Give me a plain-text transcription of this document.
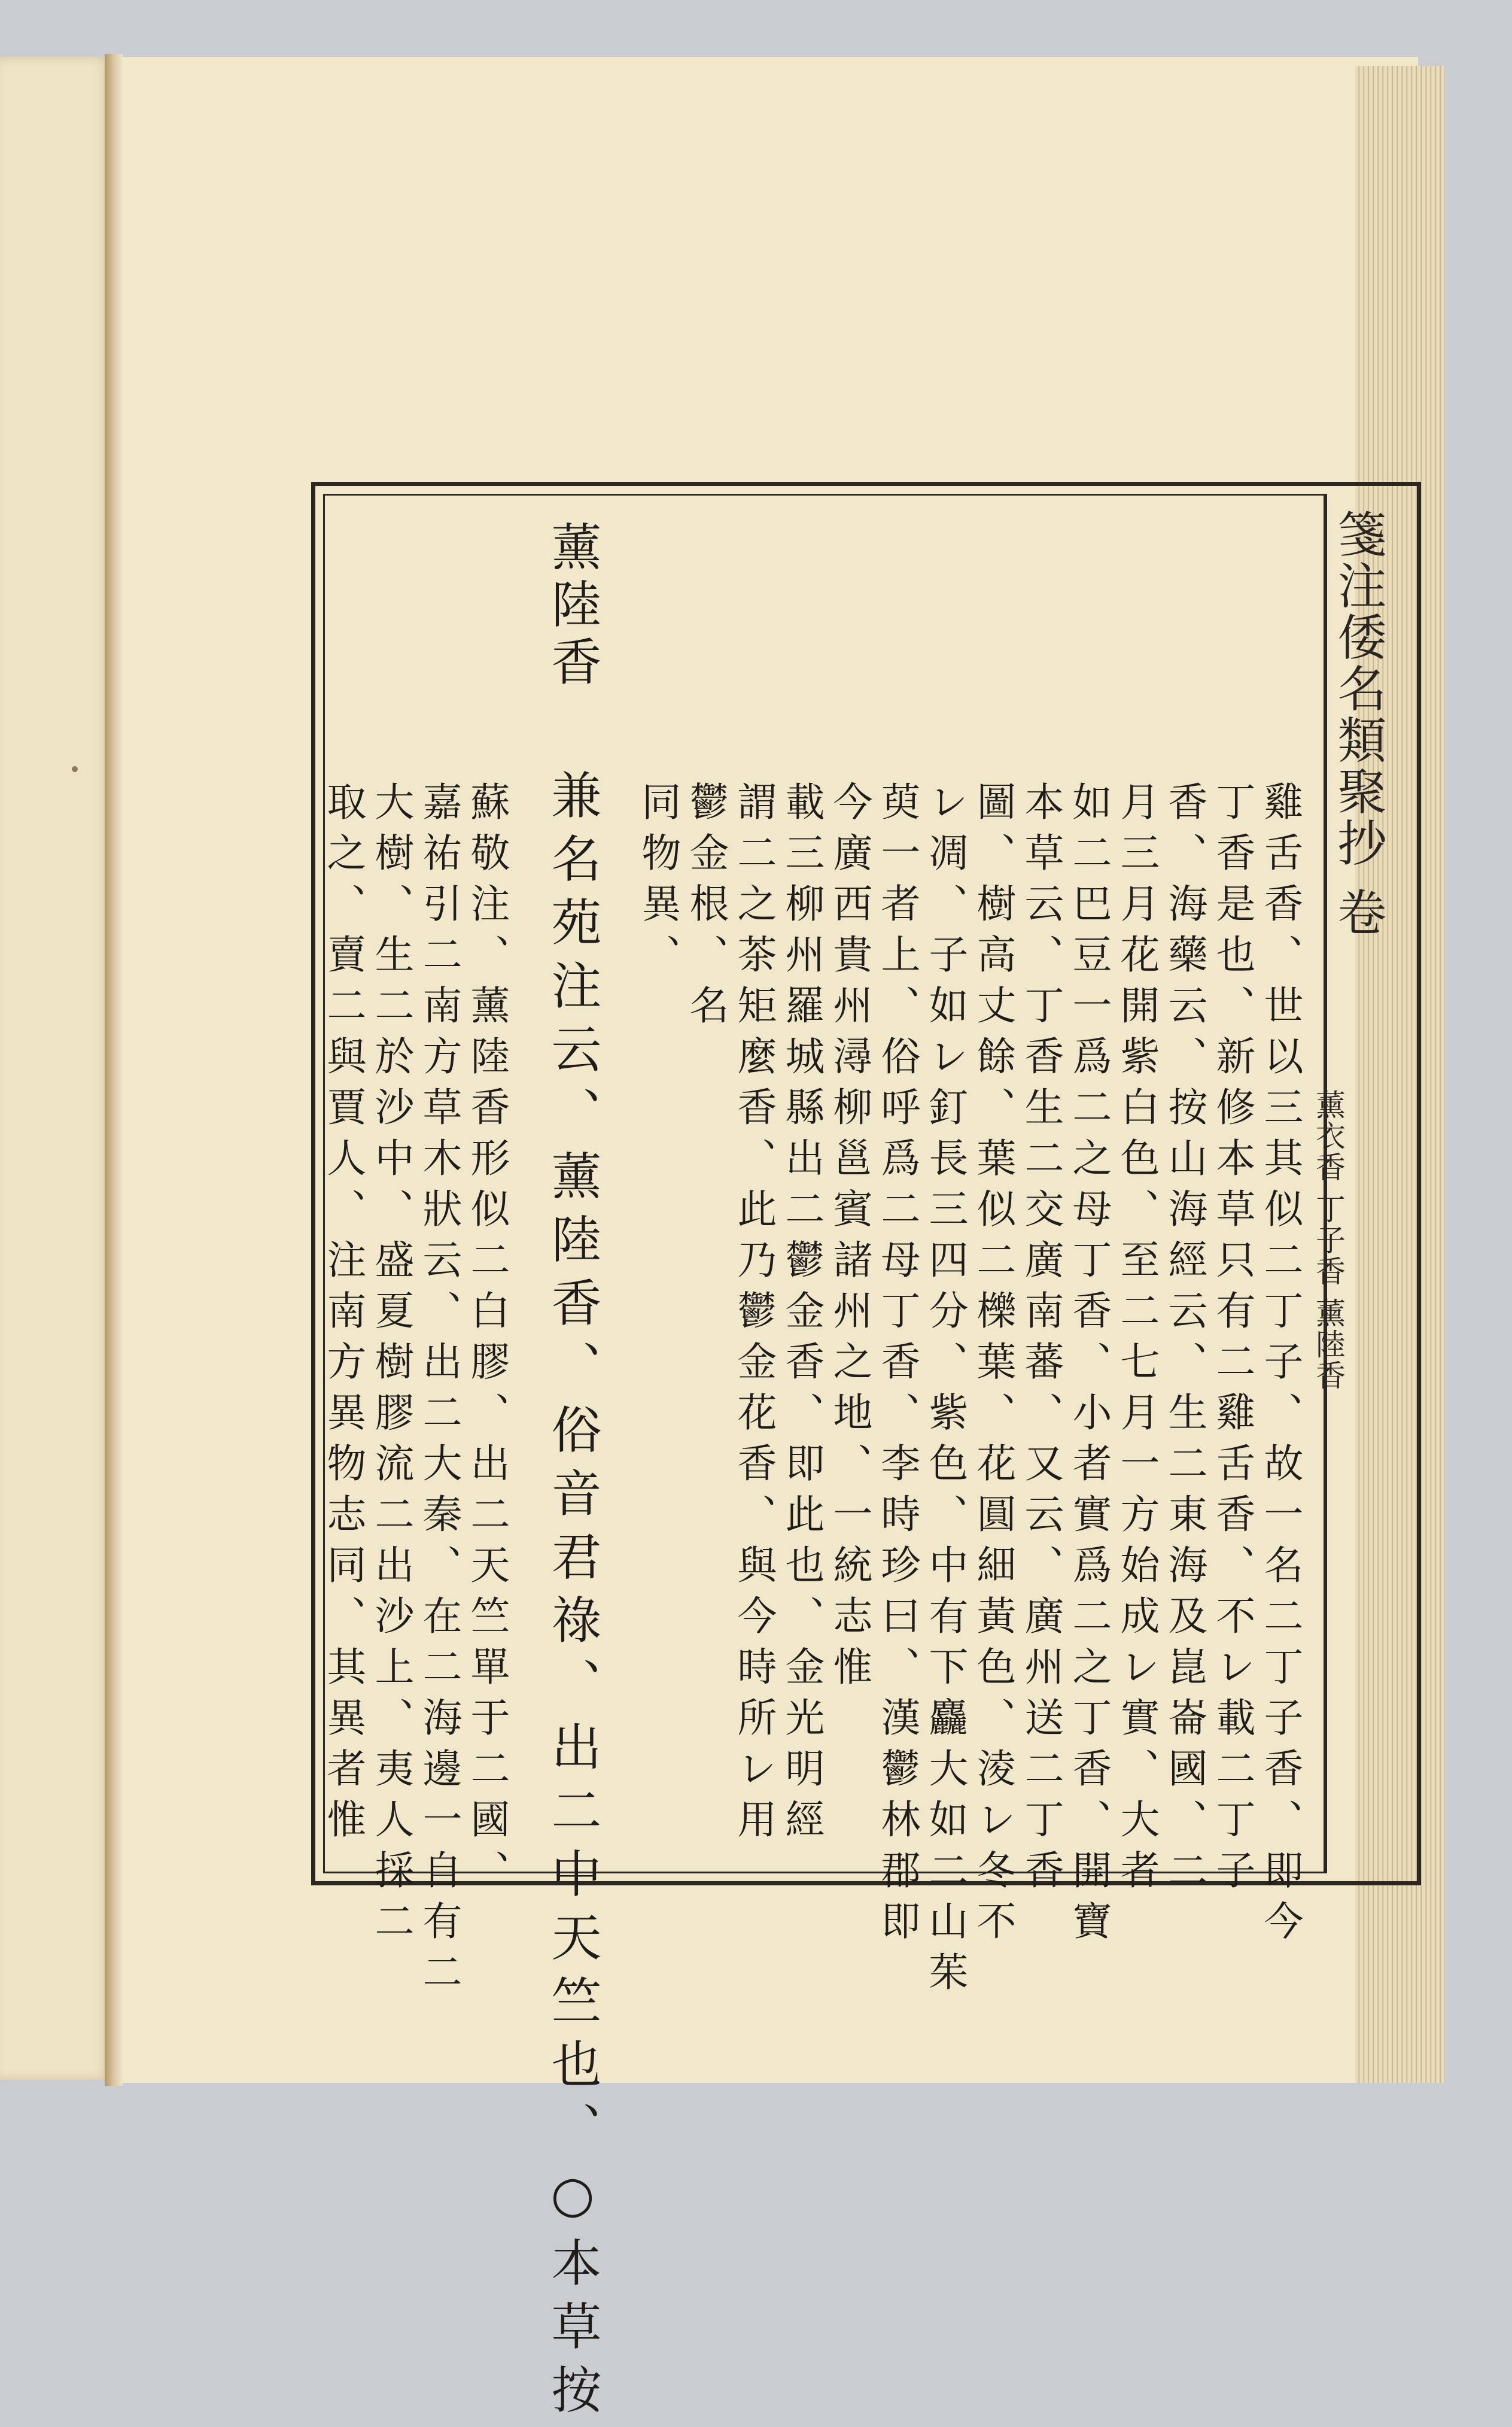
箋注倭名類聚抄 卷
薰衣香 丁子香 薰陸香
薰陸香
雞舌香、世以三其似二丁子、故一名二丁子香、即今
丁香是也、新修本草只有二雞舌香、不レ載二丁子
香、海藥云、按山海經云、生二東海及崑崙國、二
月三月花開紫白色、至二七月一方始成レ實、大者
如二巴豆一爲二之母丁香、小者實爲二之丁香、開寶
本草云、丁香生二交廣南蕃、又云、廣州送二丁香
圖、樹高丈餘、葉似二櫟葉、花圓細黃色、淩レ冬不
レ凋、子如レ釘長三四分、紫色、中有下麤大如二山茱
萸一者上、俗呼爲二母丁香、李時珍曰、漢鬱林郡即
今廣西貴州潯柳邕賓諸州之地、一統志惟
載三柳州羅城縣出二鬱金香、即此也、金光明經
謂二之茶矩麼香、此乃鬱金花香、與今時所レ用
鬱金根、名
同物異、
兼名苑注云、薰陸香、俗音君祿、出二中天竺也、○本草按
蘇敬注、薰陸香形似二白膠、出二天竺單于二國、
嘉祐引二南方草木狀云、出二大秦、在二海邊一自有二
大樹、生二於沙中、盛夏樹膠流二出沙上、夷人採二
取之、賣二與賈人、注南方異物志同、其異者惟
